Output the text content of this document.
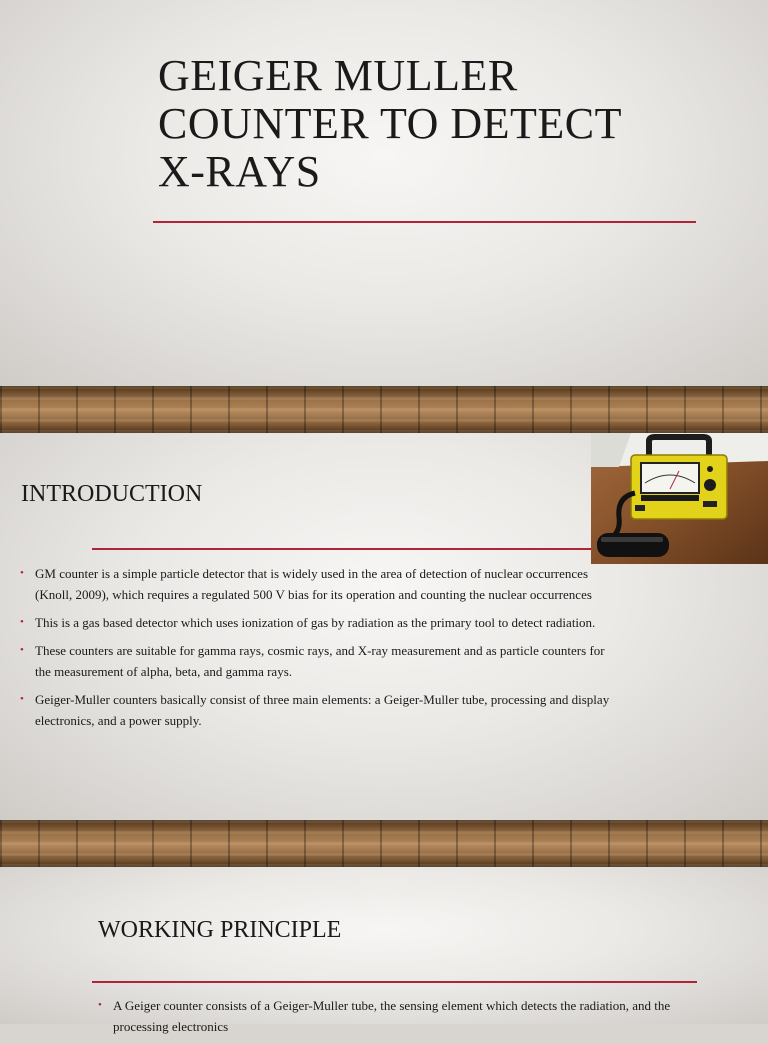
GEIGER MULLER
COUNTER TO DETECT
X-RAYS
INTRODUCTION
• GM counter is a simple particle detector that is widely used in the area of detection of nuclear occurrences (Knoll, 2009), which requires a regulated 500 V bias for its operation and counting the nuclear occurrences
• This is a gas based detector which uses ionization of gas by radiation as the primary tool to detect radiation.
• These counters are suitable for gamma rays, cosmic rays, and X-ray measurement and as particle counters for the measurement of alpha, beta, and gamma rays.
• Geiger-Muller counters basically consist of three main elements: a Geiger-Muller tube, processing and display electronics, and a power supply.
WORKING PRINCIPLE
• A Geiger counter consists of a Geiger-Muller tube, the sensing element which detects the radiation, and the processing electronics
